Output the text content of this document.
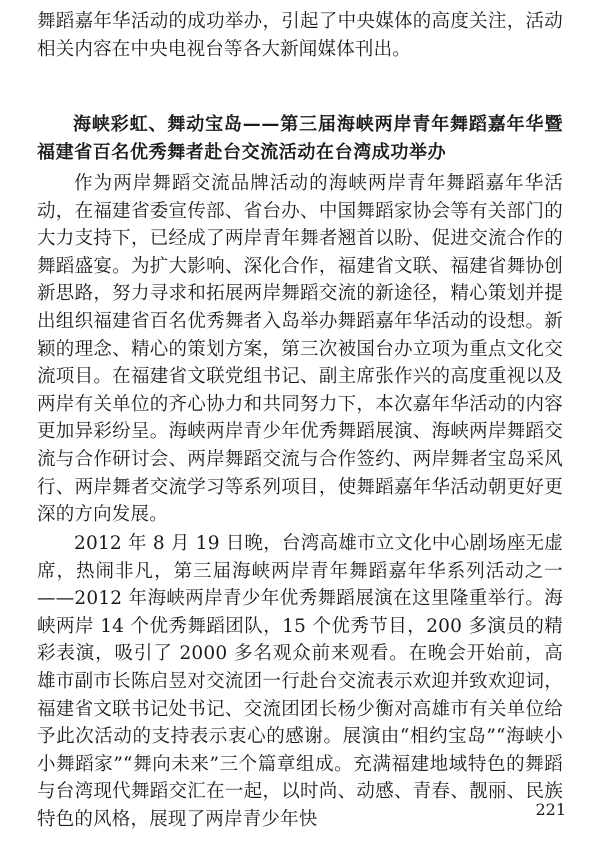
舞蹈嘉年华活动的成功举办，引起了中央媒体的高度关注，活动相关内容在中央电视台等各大新闻媒体刊出。

海峡彩虹、舞动宝岛——第三届海峡两岸青年舞蹈嘉年华暨福建省百名优秀舞者赴台交流活动在台湾成功举办

作为两岸舞蹈交流品牌活动的海峡两岸青年舞蹈嘉年华活动，在福建省委宣传部、省台办、中国舞蹈家协会等有关部门的大力支持下，已经成了两岸青年舞者翘首以盼、促进交流合作的舞蹈盛宴。为扩大影响、深化合作，福建省文联、福建省舞协创新思路，努力寻求和拓展两岸舞蹈交流的新途径，精心策划并提出组织福建省百名优秀舞者入岛举办舞蹈嘉年华活动的设想。新颖的理念、精心的策划方案，第三次被国台办立项为重点文化交流项目。在福建省文联党组书记、副主席张作兴的高度重视以及两岸有关单位的齐心协力和共同努力下，本次嘉年华活动的内容更加异彩纷呈。海峡两岸青少年优秀舞蹈展演、海峡两岸舞蹈交流与合作研讨会、两岸舞蹈交流与合作签约、两岸舞者宝岛采风行、两岸舞者交流学习等系列项目，使舞蹈嘉年华活动朝更好更深的方向发展。

2012 年 8 月 19 日晚，台湾高雄市立文化中心剧场座无虚席，热闹非凡，第三届海峡两岸青年舞蹈嘉年华系列活动之一——2012 年海峡两岸青少年优秀舞蹈展演在这里隆重举行。海峡两岸 14 个优秀舞蹈团队，15 个优秀节目，200 多演员的精彩表演，吸引了 2000 多名观众前来观看。在晚会开始前，高雄市副市长陈启昱对交流团一行赴台交流表示欢迎并致欢迎词，福建省文联书记处书记、交流团团长杨少衡对高雄市有关单位给予此次活动的支持表示衷心的感谢。展演由“相约宝岛”“海峡小小舞蹈家”“舞向未来”三个篇章组成。充满福建地域特色的舞蹈与台湾现代舞蹈交汇在一起，以时尚、动感、青春、靓丽、民族特色的风格，展现了两岸青少年快	221
